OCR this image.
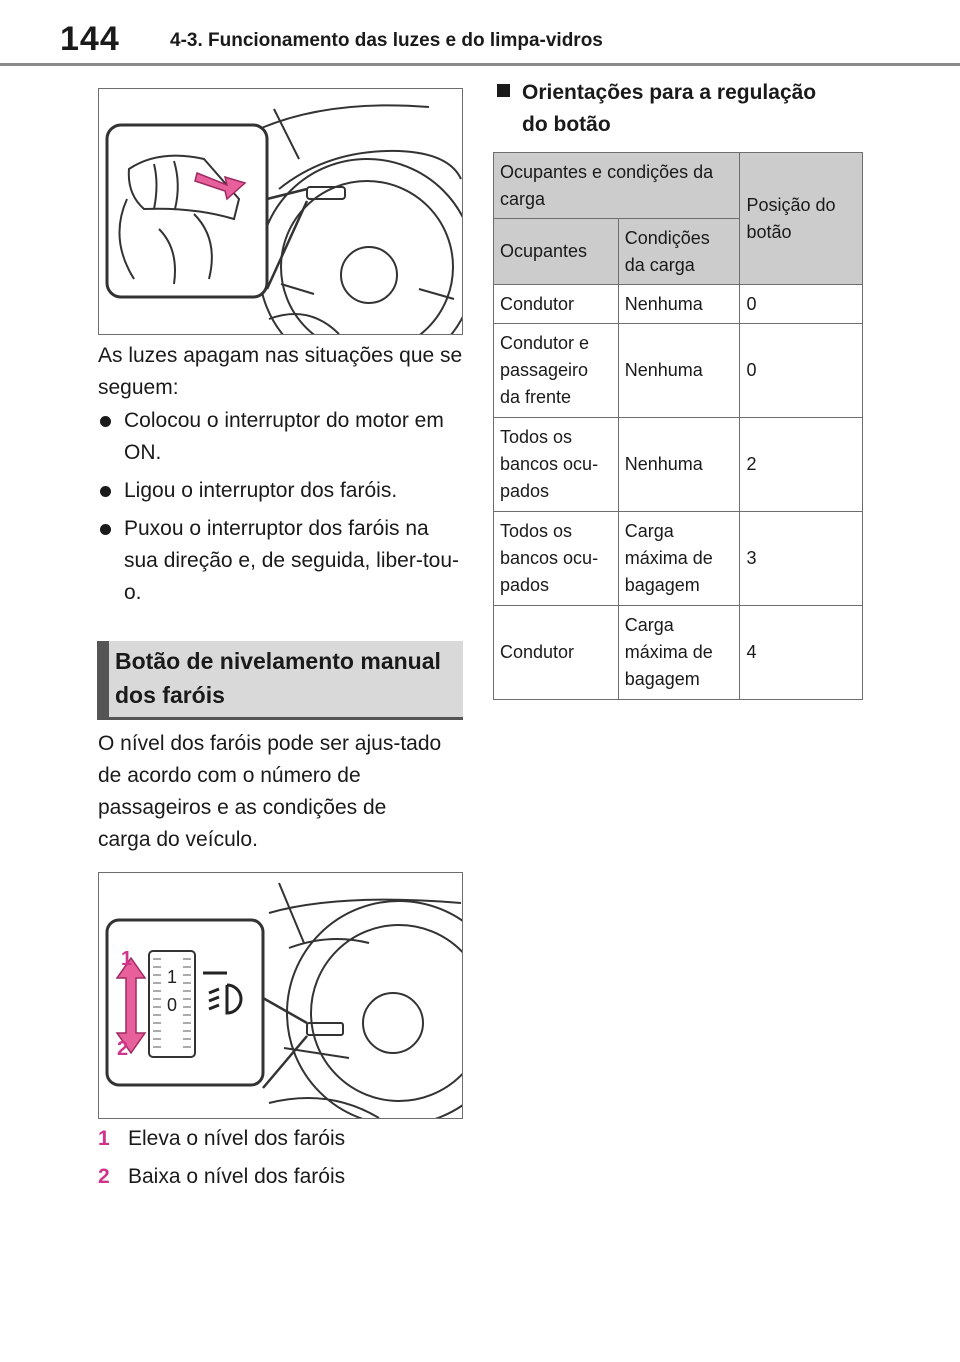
144	4-3. Funcionamento das luzes e do limpa-vidros

As luzes apagam nas situações que se seguem:

Colocou o interruptor do motor em ON.
Ligou o interruptor dos faróis.
Puxou o interruptor dos faróis na sua direção e, de seguida, liber-tou-o.
Botão de nivelamento manual dos faróis

O nível dos faróis pode ser ajus-tado de acordo com o número de passageiros e as condições de carga do veículo.

1
0
1
2
1 Eleva o nível dos faróis
2 Baixa o nível dos faróis
Orientações para a regulação
do botão
Ocupantes e condições da carga		Posição do botão
Ocupantes	Condições da carga	
Condutor	Nenhuma	0
Condutor e passageiro da frente	Nenhuma	0
Todos os bancos ocu-pados	Nenhuma	2
Todos os bancos ocu-pados	Carga máxima de bagagem	3
Condutor	Carga máxima de bagagem	4
